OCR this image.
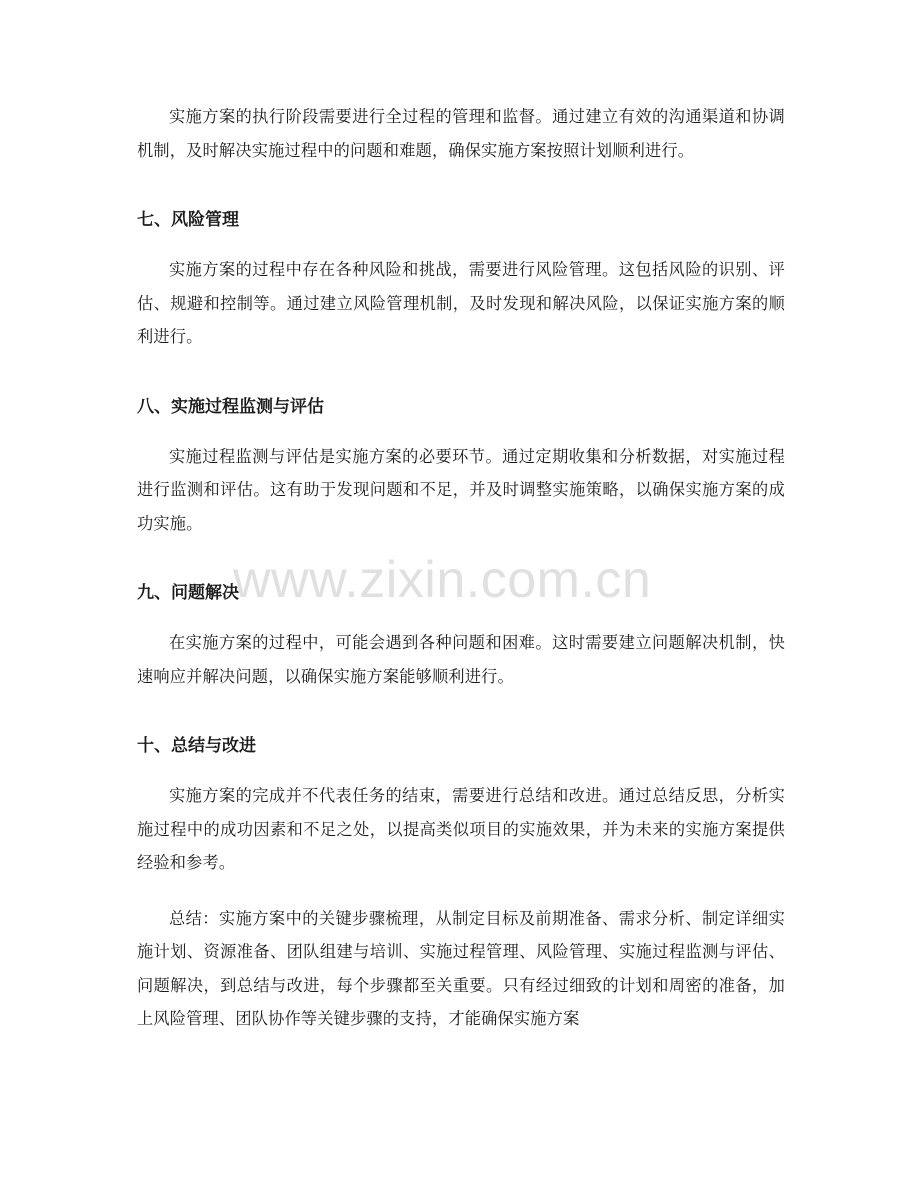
实施方案的执行阶段需要进行全过程的管理和监督。通过建立有效的沟通渠道和协调机制，及时解决实施过程中的问题和难题，确保实施方案按照计划顺利进行。

七、风险管理

实施方案的过程中存在各种风险和挑战，需要进行风险管理。这包括风险的识别、评估、规避和控制等。通过建立风险管理机制，及时发现和解决风险，以保证实施方案的顺利进行。

八、实施过程监测与评估

实施过程监测与评估是实施方案的必要环节。通过定期收集和分析数据，对实施过程进行监测和评估。这有助于发现问题和不足，并及时调整实施策略，以确保实施方案的成功实施。

九、问题解决

在实施方案的过程中，可能会遇到各种问题和困难。这时需要建立问题解决机制，快速响应并解决问题，以确保实施方案能够顺利进行。

十、总结与改进

实施方案的完成并不代表任务的结束，需要进行总结和改进。通过总结反思，分析实施过程中的成功因素和不足之处，以提高类似项目的实施效果，并为未来的实施方案提供经验和参考。

总结：实施方案中的关键步骤梳理，从制定目标及前期准备、需求分析、制定详细实施计划、资源准备、团队组建与培训、实施过程管理、风险管理、实施过程监测与评估、问题解决，到总结与改进，每个步骤都至关重要。只有经过细致的计划和周密的准备，加上风险管理、团队协作等关键步骤的支持，才能确保实施方案

www.zixin.com.cn
